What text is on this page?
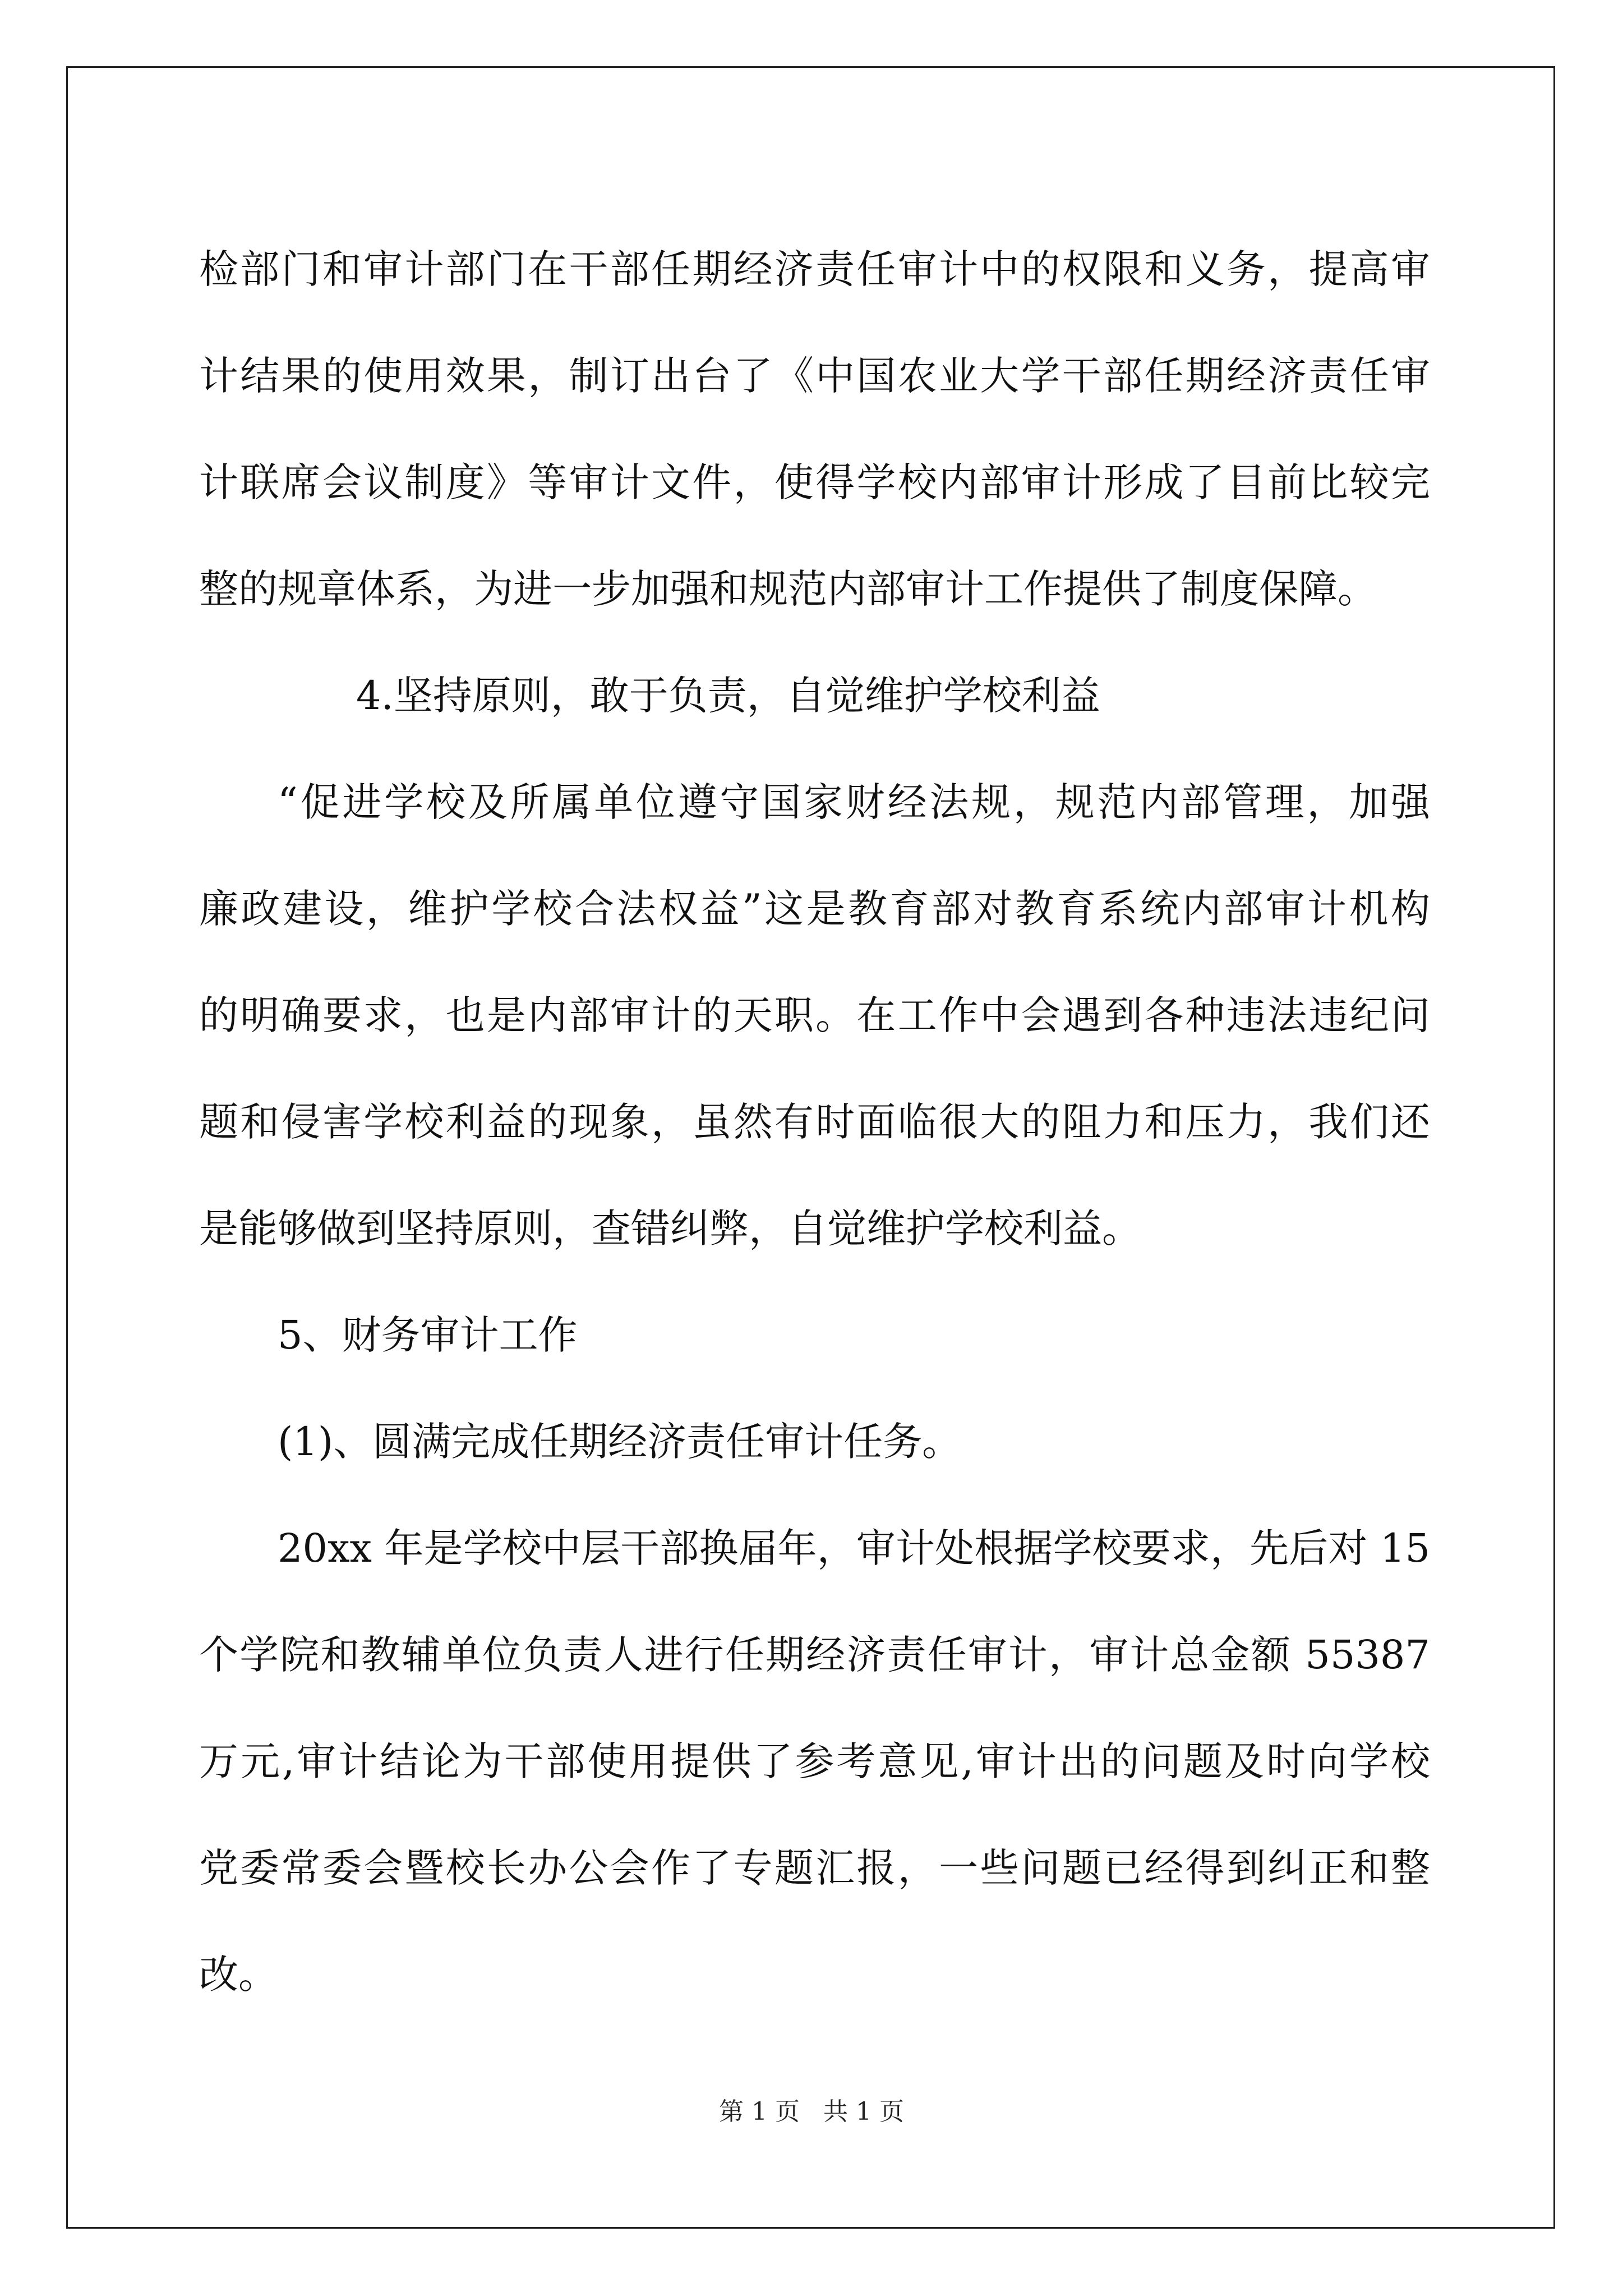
检部门和审计部门在干部任期经济责任审计中的权限和义务，提高审
计结果的使用效果，制订出台了《中国农业大学干部任期经济责任审
计联席会议制度》等审计文件，使得学校内部审计形成了目前比较完
整的规章体系，为进一步加强和规范内部审计工作提供了制度保障。
4.坚持原则，敢于负责，自觉维护学校利益
“促进学校及所属单位遵守国家财经法规，规范内部管理，加强
廉政建设，维护学校合法权益”这是教育部对教育系统内部审计机构
的明确要求，也是内部审计的天职。在工作中会遇到各种违法违纪问
题和侵害学校利益的现象，虽然有时面临很大的阻力和压力，我们还
是能够做到坚持原则，查错纠弊，自觉维护学校利益。
5、财务审计工作
(1)、圆满完成任期经济责任审计任务。
20xx 年是学校中层干部换届年，审计处根据学校要求，先后对 15
个学院和教辅单位负责人进行任期经济责任审计，审计总金额 55387
万元,审计结论为干部使用提供了参考意见,审计出的问题及时向学校
党委常委会暨校长办公会作了专题汇报，一些问题已经得到纠正和整
改。
第 1 页 共 1 页
